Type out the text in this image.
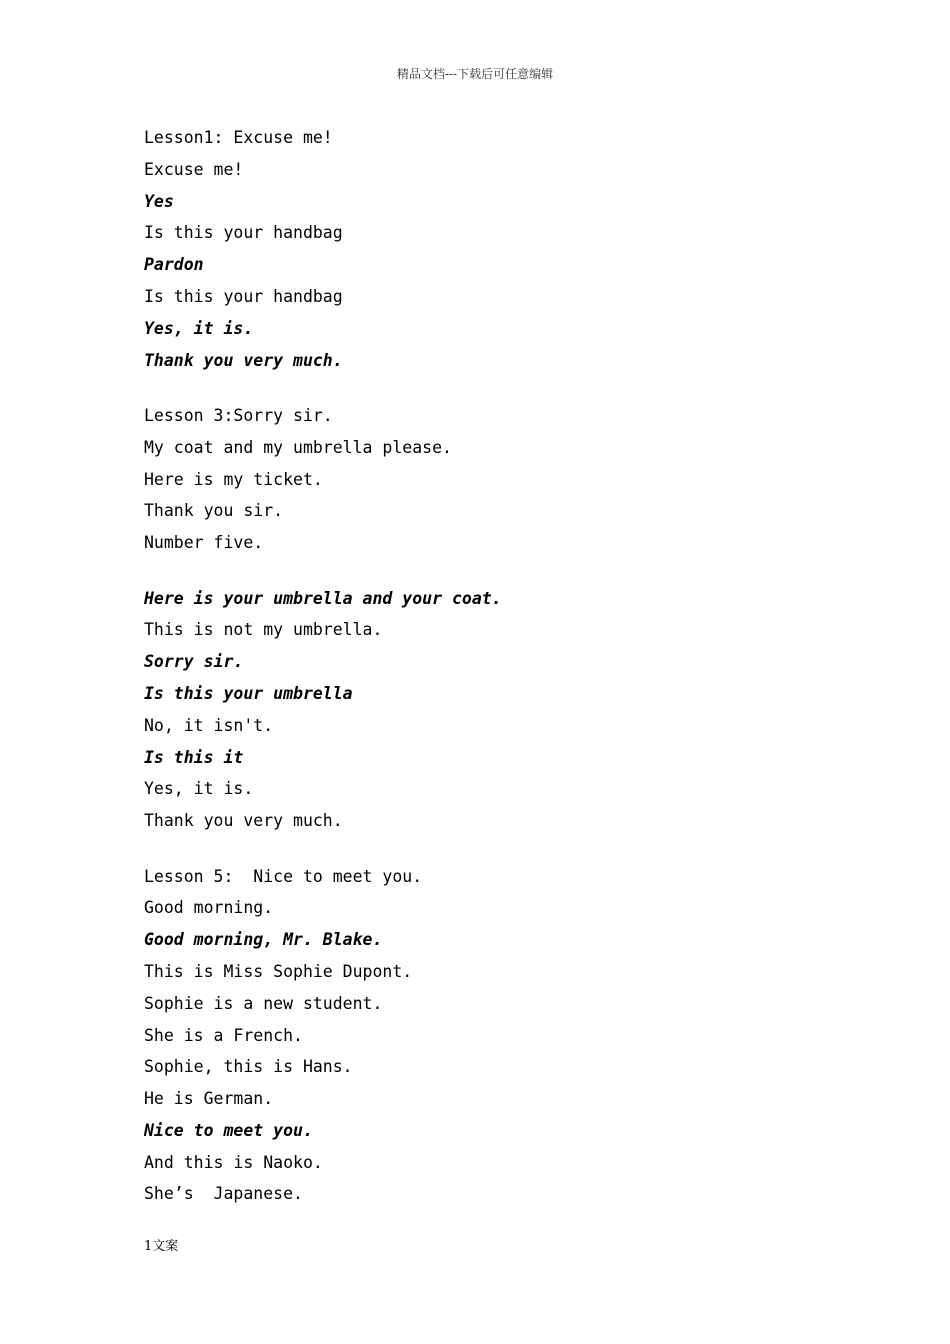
精品文档---下载后可任意编辑
Lesson1: Excuse me!
Excuse me!
Yes
Is this your handbag
Pardon
Is this your handbag
Yes, it is.
Thank you very much.
Lesson 3:Sorry sir.
My coat and my umbrella please.
Here is my ticket.
Thank you sir.
Number five.
Here is your umbrella and your coat.
This is not my umbrella.
Sorry sir.
Is this your umbrella
No, it isn't.
Is this it
Yes, it is.
Thank you very much.
Lesson 5:  Nice to meet you.
Good morning.
Good morning, Mr. Blake.
This is Miss Sophie Dupont.
Sophie is a new student.
She is a French.
Sophie, this is Hans.
He is German.
Nice to meet you.
And this is Naoko.
She’s  Japanese.
1文案
